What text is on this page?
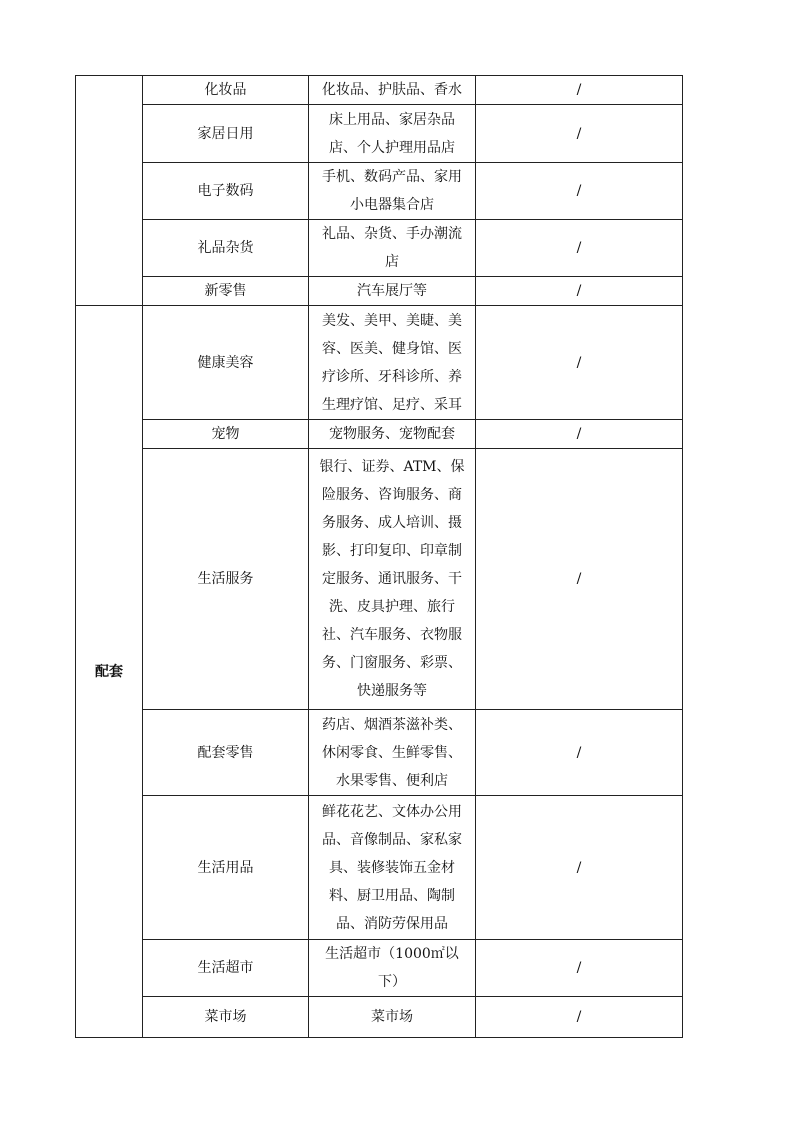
	化妆品	化妆品、护肤品、香水	/
	家居日用	床上用品、家居杂品店、个人护理用品店	/
	电子数码	手机、数码产品、家用小电器集合店	/
	礼品杂货	礼品、杂货、手办潮流店	/
	新零售	汽车展厅等	/
配套	健康美容	美发、美甲、美睫、美容、医美、健身馆、医疗诊所、牙科诊所、养生理疗馆、足疗、采耳	/
	宠物	宠物服务、宠物配套	/
	生活服务	银行、证券、ATM、保险服务、咨询服务、商务服务、成人培训、摄影、打印复印、印章制定服务、通讯服务、干洗、皮具护理、旅行社、汽车服务、衣物服务、门窗服务、彩票、快递服务等	/
	配套零售	药店、烟酒茶滋补类、休闲零食、生鲜零售、水果零售、便利店	/
	生活用品	鲜花花艺、文体办公用品、音像制品、家私家具、装修装饰五金材料、厨卫用品、陶制品、消防劳保用品	/
	生活超市	生活超市（1000㎡以下）	/
	菜市场	菜市场	/
